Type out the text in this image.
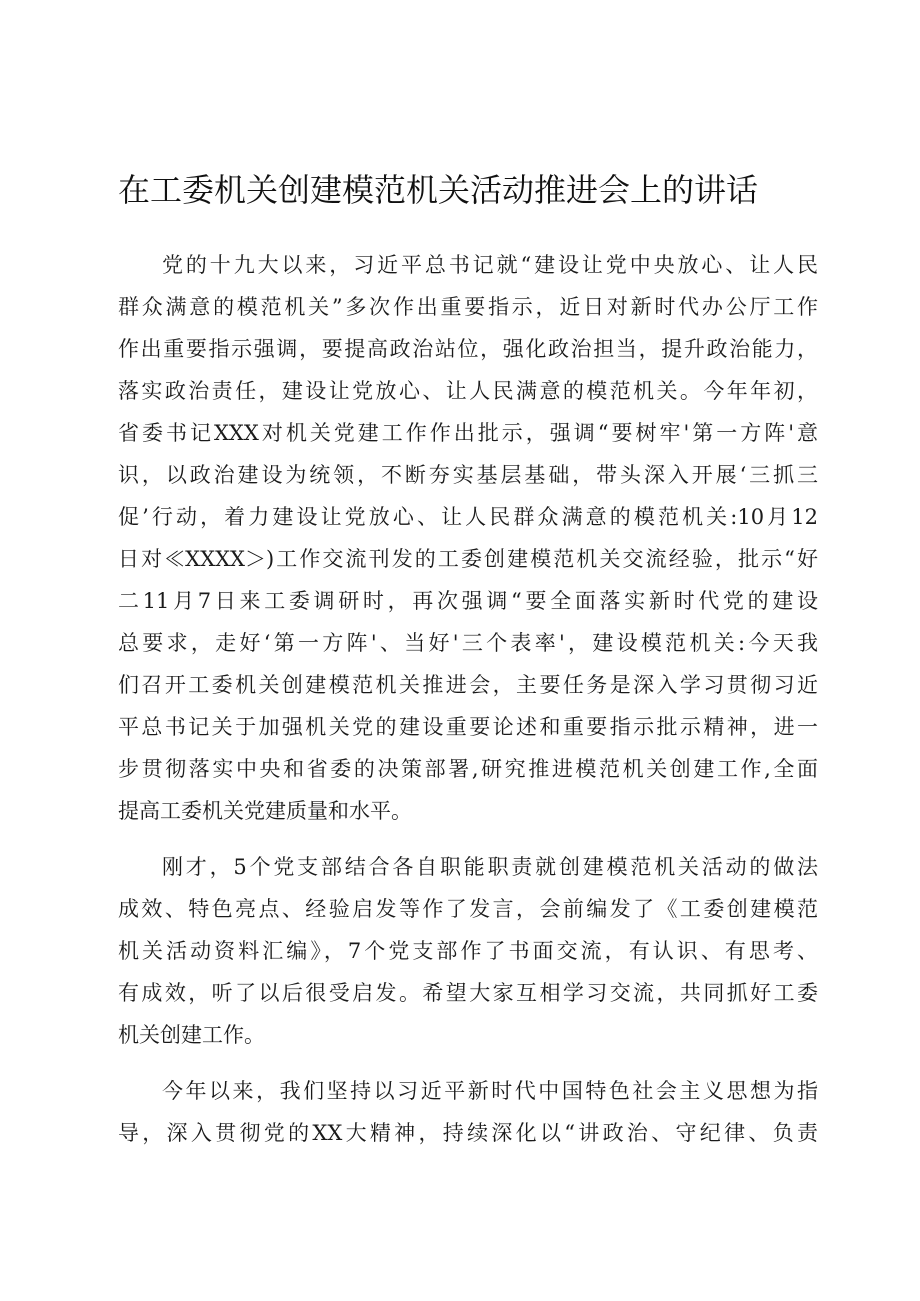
在工委机关创建模范机关活动推进会上的讲话

党的十九大以来，习近平总书记就“建设让党中央放心、让人民
群众满意的模范机关”多次作出重要指示，近日对新时代办公厅工作
作出重要指示强调，要提高政治站位，强化政治担当，提升政治能力，
落实政治责任，建设让党放心、让人民满意的模范机关。今年年初，
省委书记XXX对机关党建工作作出批示，强调“要树牢'第一方阵'意
识，以政治建设为统领，不断夯实基层基础，带头深入开展‘三抓三
促’行动，着力建设让党放心、让人民群众满意的模范机关:10月12
日对≪XXXX＞)工作交流刊发的工委创建模范机关交流经验，批示“好
二11月7日来工委调研时，再次强调“要全面落实新时代党的建设
总要求，走好‘第一方阵'、当好'三个表率'，建设模范机关:今天我
们召开工委机关创建模范机关推进会，主要任务是深入学习贯彻习近
平总书记关于加强机关党的建设重要论述和重要指示批示精神，进一
步贯彻落实中央和省委的决策部署,研究推进模范机关创建工作,全面
提高工委机关党建质量和水平。

刚才，5个党支部结合各自职能职责就创建模范机关活动的做法
成效、特色亮点、经验启发等作了发言，会前编发了《工委创建模范
机关活动资料汇编》，7个党支部作了书面交流，有认识、有思考、
有成效，听了以后很受启发。希望大家互相学习交流，共同抓好工委
机关创建工作。

今年以来，我们坚持以习近平新时代中国特色社会主义思想为指
导，深入贯彻党的XX大精神，持续深化以“讲政治、守纪律、负责
